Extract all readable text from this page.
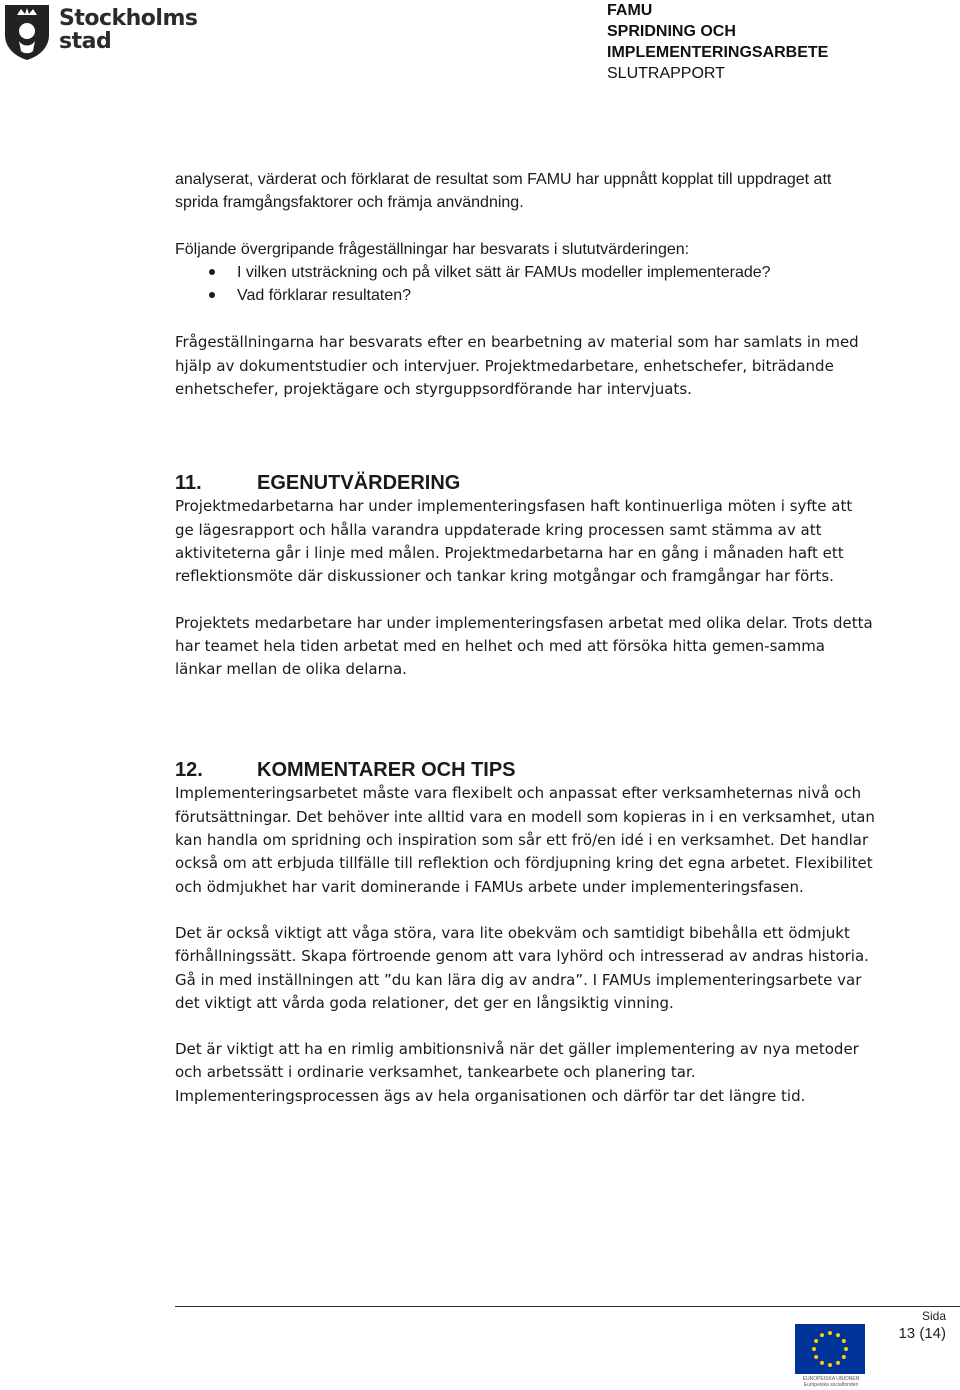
Stockholms
stad
FAMU
SPRIDNING OCH
IMPLEMENTERINGSARBETE
SLUTRAPPORT

analyserat, värderat och förklarat de resultat som FAMU har uppnått kopplat till uppdraget att sprida framgångsfaktorer och främja användning.

Följande övergripande frågeställningar har besvarats i slututvärderingen:

I vilken utsträckning och på vilket sätt är FAMUs modeller implementerade?
Vad förklarar resultaten?

Frågeställningarna har besvarats efter en bearbetning av material som har samlats in med hjälp av dokumentstudier och intervjuer. Projektmedarbetare, enhetschefer, biträdande enhetschefer, projektägare och styrguppsordförande har intervjuats.

11.	EGENUTVÄRDERING

Projektmedarbetarna har under implementeringsfasen haft kontinuerliga möten i syfte att ge lägesrapport och hålla varandra uppdaterade kring processen samt stämma av att aktiviteterna går i linje med målen. Projektmedarbetarna har en gång i månaden haft ett reflektionsmöte där diskussioner och tankar kring motgångar och framgångar har förts.

Projektets medarbetare har under implementeringsfasen arbetat med olika delar. Trots detta har teamet hela tiden arbetat med en helhet och med att försöka hitta gemen-samma länkar mellan de olika delarna.

12.	KOMMENTARER OCH TIPS

Implementeringsarbetet måste vara flexibelt och anpassat efter verksamheternas nivå och förutsättningar. Det behöver inte alltid vara en modell som kopieras in i en verksamhet, utan kan handla om spridning och inspiration som sår ett frö/en idé i en verksamhet. Det handlar också om att erbjuda tillfälle till reflektion och fördjupning kring det egna arbetet. Flexibilitet och ödmjukhet har varit dominerande i FAMUs arbete under implementeringsfasen.

Det är också viktigt att våga störa, vara lite obekväm och samtidigt bibehålla ett ödmjukt förhållningssätt. Skapa förtroende genom att vara lyhörd och intresserad av andras historia. Gå in med inställningen att ”du kan lära dig av andra”. I FAMUs implementeringsarbete var det viktigt att vårda goda relationer, det ger en långsiktig vinning.

Det är viktigt att ha en rimlig ambitionsnivå när det gäller implementering av nya metoder och arbetssätt i ordinarie verksamhet, tankearbete och planering tar. Implementeringsprocessen ägs av hela organisationen och därför tar det längre tid.

Sida
13 (14)
EUROPEISKA UNIONEN
Europeiska socialfonden
